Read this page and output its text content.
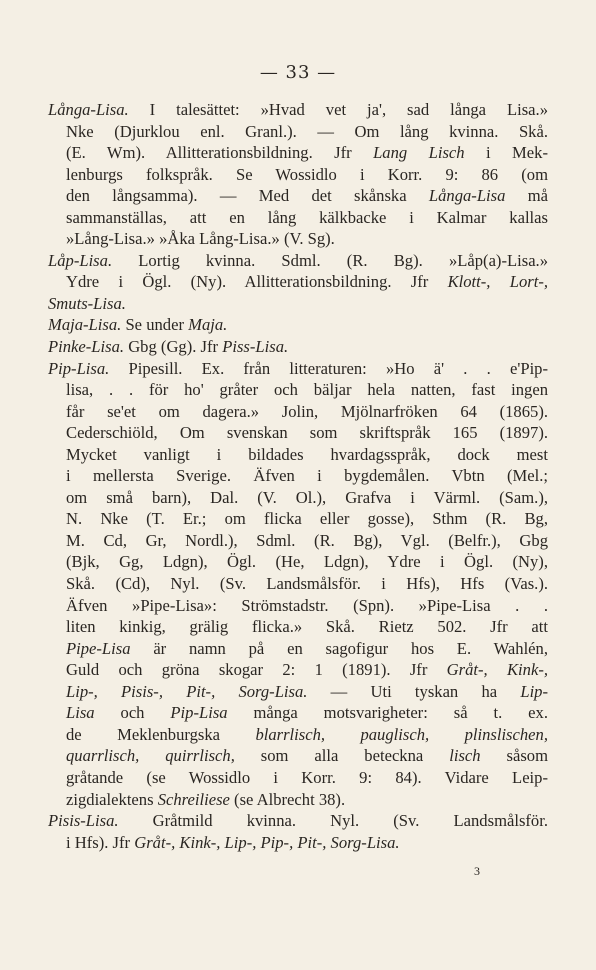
— 33 —
Långa-Lisa. I talesättet: »Hvad vet ja', sad långa Lisa.»
Nke (Djurklou enl. Granl.). — Om lång kvinna. Skå.
(E. Wm). Allitterationsbildning. Jfr Lang Lisch i Mek-
lenburgs folkspråk. Se Wossidlo i Korr. 9: 86 (om
den långsamma). — Med det skånska Långa-Lisa må
sammanställas, att en lång kälkbacke i Kalmar kallas
»Lång-Lisa.» »Åka Lång-Lisa.» (V. Sg).
Låp-Lisa. Lortig kvinna. Sdml. (R. Bg). »Låp(a)-Lisa.»
Ydre i Ögl. (Ny). Allitterationsbildning. Jfr Klott-, Lort-,
Smuts-Lisa.
Maja-Lisa. Se under Maja.
Pinke-Lisa. Gbg (Gg). Jfr Piss-Lisa.
Pip-Lisa. Pipesill. Ex. från litteraturen: »Ho ä' . . e'Pip-
lisa, . . för ho' gråter och bäljar hela natten, fast ingen
får se'et om dagera.» Jolin, Mjölnarfröken 64 (1865).
Cederschiöld, Om svenskan som skriftspråk 165 (1897).
Mycket vanligt i bildades hvardagsspråk, dock mest
i mellersta Sverige. Äfven i bygdemålen. Vbtn (Mel.;
om små barn), Dal. (V. Ol.), Grafva i Värml. (Sam.),
N. Nke (T. Er.; om flicka eller gosse), Sthm (R. Bg,
M. Cd, Gr, Nordl.), Sdml. (R. Bg), Vgl. (Belfr.), Gbg
(Bjk, Gg, Ldgn), Ögl. (He, Ldgn), Ydre i Ögl. (Ny),
Skå. (Cd), Nyl. (Sv. Landsmålsför. i Hfs), Hfs (Vas.).
Äfven »Pipe-Lisa»: Strömstadstr. (Spn). »Pipe-Lisa . .
liten kinkig, grälig flicka.» Skå. Rietz 502. Jfr att
Pipe-Lisa är namn på en sagofigur hos E. Wahlén,
Guld och gröna skogar 2: 1 (1891). Jfr Gråt-, Kink-,
Lip-, Pisis-, Pit-, Sorg-Lisa. — Uti tyskan ha Lip-
Lisa och Pip-Lisa många motsvarigheter: så t. ex.
de Meklenburgska blarrlisch, pauglisch, plinslischen,
quarrlisch, quirrlisch, som alla beteckna lisch såsom
gråtande (se Wossidlo i Korr. 9: 84). Vidare Leip-
zigdialektens Schreiliese (se Albrecht 38).
Pisis-Lisa. Gråtmild kvinna. Nyl. (Sv. Landsmålsför.
i Hfs). Jfr Gråt-, Kink-, Lip-, Pip-, Pit-, Sorg-Lisa.
3
